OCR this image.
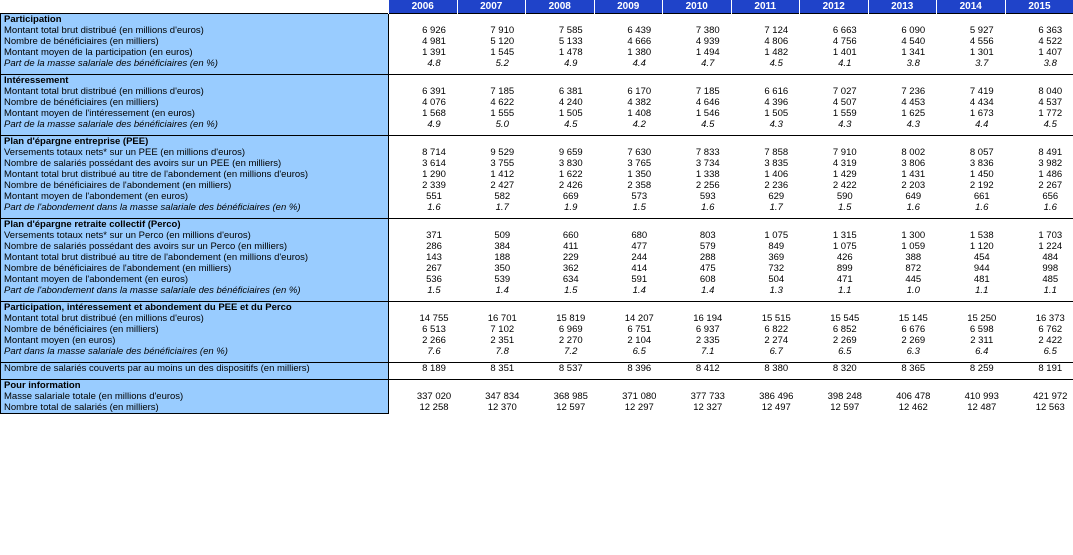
	2006	2007	2008	2009	2010	2011	2012	2013	2014	2015
Participation										
Montant total brut distribué (en millions d'euros)	6 926	7 910	7 585	6 439	7 380	7 124	6 663	6 090	5 927	6 363
Nombre de bénéficiaires (en milliers)	4 981	5 120	5 133	4 666	4 939	4 806	4 756	4 540	4 556	4 522
Montant moyen de la participation (en euros)	1 391	1 545	1 478	1 380	1 494	1 482	1 401	1 341	1 301	1 407
Part de la masse salariale des bénéficiaires (en %)	4.8	5.2	4.9	4.4	4.7	4.5	4.1	3.8	3.7	3.8

Intéressement										
Montant total brut distribué (en millions d'euros)	6 391	7 185	6 381	6 170	7 185	6 616	7 027	7 236	7 419	8 040
Nombre de bénéficiaires (en milliers)	4 076	4 622	4 240	4 382	4 646	4 396	4 507	4 453	4 434	4 537
Montant moyen de l'intéressement (en euros)	1 568	1 555	1 505	1 408	1 546	1 505	1 559	1 625	1 673	1 772
Part de la masse salariale des bénéficiaires (en %)	4.9	5.0	4.5	4.2	4.5	4.3	4.3	4.3	4.4	4.5

Plan d'épargne entreprise (PEE)										
Versements totaux nets* sur un PEE (en millions d'euros)	8 714	9 529	9 659	7 630	7 833	7 858	7 910	8 002	8 057	8 491
Nombre de salariés possédant des avoirs sur un PEE (en milliers)	3 614	3 755	3 830	3 765	3 734	3 835	4 319	3 806	3 836	3 982
Montant total brut distribué au titre de l'abondement (en millions d'euros)	1 290	1 412	1 622	1 350	1 338	1 406	1 429	1 431	1 450	1 486
Nombre de bénéficiaires de l'abondement (en milliers)	2 339	2 427	2 426	2 358	2 256	2 236	2 422	2 203	2 192	2 267
Montant moyen de l'abondement (en euros)	551	582	669	573	593	629	590	649	661	656
Part de l'abondement dans la masse salariale des bénéficiaires (en %)	1.6	1.7	1.9	1.5	1.6	1.7	1.5	1.6	1.6	1.6

Plan d'épargne retraite collectif (Perco)										
Versements totaux nets* sur un Perco (en millions d'euros)	371	509	660	680	803	1 075	1 315	1 300	1 538	1 703
Nombre de salariés possédant des avoirs sur un Perco (en milliers)	286	384	411	477	579	849	1 075	1 059	1 120	1 224
Montant total brut distribué au titre de l'abondement (en millions d'euros)	143	188	229	244	288	369	426	388	454	484
Nombre de bénéficiaires de l'abondement (en milliers)	267	350	362	414	475	732	899	872	944	998
Montant moyen de l'abondement (en euros)	536	539	634	591	608	504	471	445	481	485
Part de l'abondement dans la masse salariale des bénéficiaires (en %)	1.5	1.4	1.5	1.4	1.4	1.3	1.1	1.0	1.1	1.1

Participation, intéressement et abondement du PEE et du Perco										
Montant total brut distribué (en millions d'euros)	14 755	16 701	15 819	14 207	16 194	15 515	15 545	15 145	15 250	16 373
Nombre de bénéficiaires (en milliers)	6 513	7 102	6 969	6 751	6 937	6 822	6 852	6 676	6 598	6 762
Montant moyen (en euros)	2 266	2 351	2 270	2 104	2 335	2 274	2 269	2 269	2 311	2 422
Part dans la masse salariale des bénéficiaires (en %)	7.6	7.8	7.2	6.5	7.1	6.7	6.5	6.3	6.4	6.5

Nombre de salariés couverts par au moins un des dispositifs (en milliers)	8 189	8 351	8 537	8 396	8 412	8 380	8 320	8 365	8 259	8 191

Pour information										
Masse salariale totale (en millions d'euros)	337 020	347 834	368 985	371 080	377 733	386 496	398 248	406 478	410 993	421 972
Nombre total de salariés (en milliers)	12 258	12 370	12 597	12 297	12 327	12 497	12 597	12 462	12 487	12 563
